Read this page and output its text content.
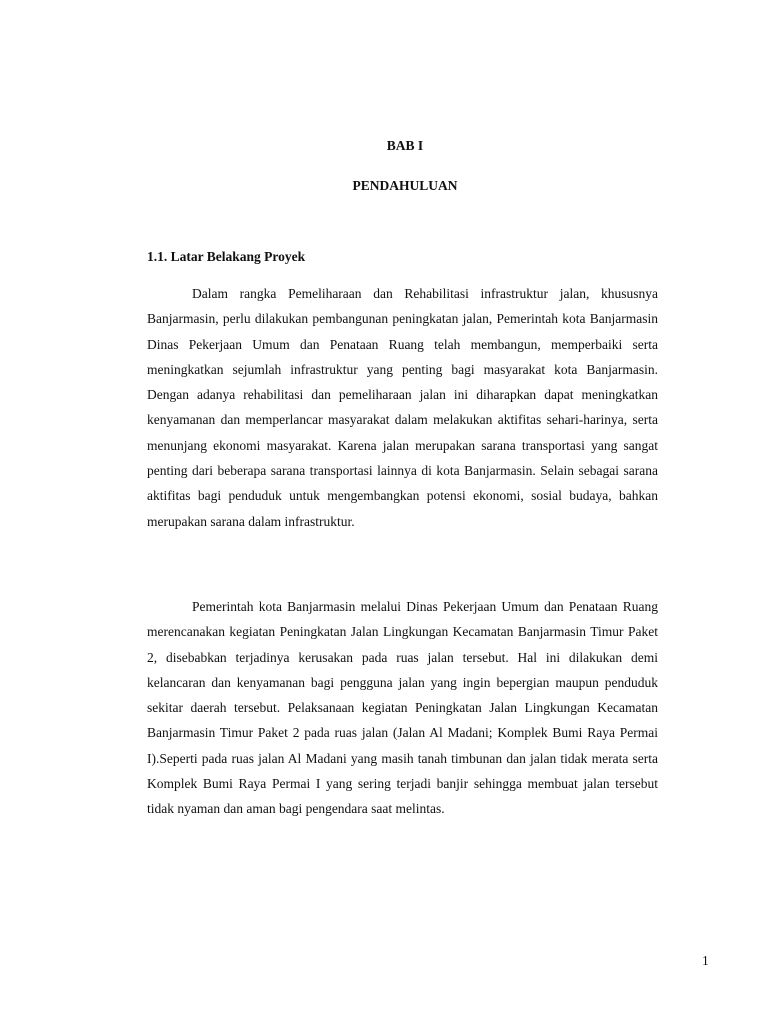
BAB I
PENDAHULUAN
1.1. Latar Belakang Proyek

Dalam rangka Pemeliharaan dan Rehabilitasi infrastruktur jalan, khususnya Banjarmasin, perlu dilakukan pembangunan peningkatan jalan, Pemerintah kota Banjarmasin Dinas Pekerjaan Umum dan Penataan Ruang telah membangun, memperbaiki serta meningkatkan sejumlah infrastruktur yang penting bagi masyarakat kota Banjarmasin. Dengan adanya rehabilitasi dan pemeliharaan jalan ini diharapkan dapat meningkatkan kenyamanan dan memperlancar masyarakat dalam melakukan aktifitas sehari-harinya, serta menunjang ekonomi masyarakat. Karena jalan merupakan sarana transportasi yang sangat penting dari beberapa sarana transportasi lainnya di kota Banjarmasin. Selain sebagai sarana aktifitas bagi penduduk untuk mengembangkan potensi ekonomi, sosial budaya, bahkan merupakan sarana dalam infrastruktur.

Pemerintah kota Banjarmasin melalui Dinas Pekerjaan Umum dan Penataan Ruang merencanakan kegiatan Peningkatan Jalan Lingkungan Kecamatan Banjarmasin Timur Paket 2, disebabkan terjadinya kerusakan pada ruas jalan tersebut. Hal ini dilakukan demi kelancaran dan kenyamanan bagi pengguna jalan yang ingin bepergian maupun penduduk sekitar daerah tersebut. Pelaksanaan kegiatan Peningkatan Jalan Lingkungan Kecamatan Banjarmasin Timur Paket 2 pada ruas jalan (Jalan Al Madani; Komplek Bumi Raya Permai I).Seperti pada ruas jalan Al Madani yang masih tanah timbunan dan jalan tidak merata serta Komplek Bumi Raya Permai I yang sering terjadi banjir sehingga membuat jalan tersebut tidak nyaman dan aman bagi pengendara saat melintas.

1
